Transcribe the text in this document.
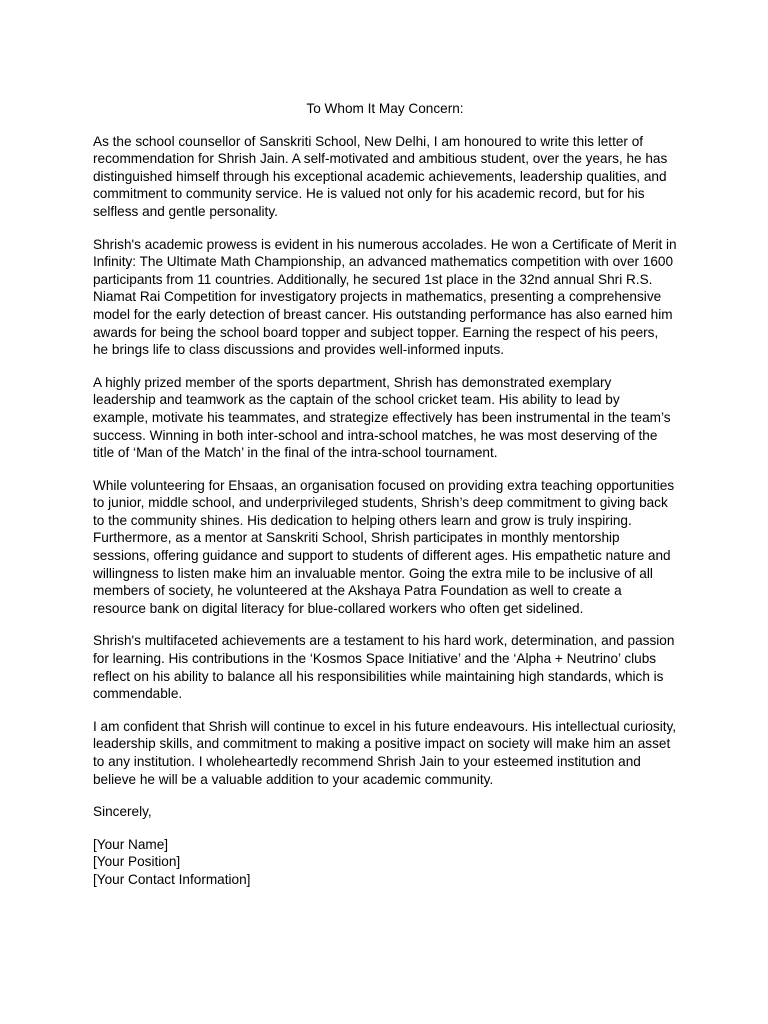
To Whom It May Concern:

As the school counsellor of Sanskriti School, New Delhi, I am honoured to write this letter of recommendation for Shrish Jain. A self-motivated and ambitious student, over the years, he has distinguished himself through his exceptional academic achievements, leadership qualities, and commitment to community service. He is valued not only for his academic record, but for his selfless and gentle personality.

Shrish's academic prowess is evident in his numerous accolades. He won a Certificate of Merit in Infinity: The Ultimate Math Championship, an advanced mathematics competition with over 1600 participants from 11 countries. Additionally, he secured 1st place in the 32nd annual Shri R.S. Niamat Rai Competition for investigatory projects in mathematics, presenting a comprehensive model for the early detection of breast cancer. His outstanding performance has also earned him awards for being the school board topper and subject topper. Earning the respect of his peers, he brings life to class discussions and provides well-informed inputs.

A highly prized member of the sports department, Shrish has demonstrated exemplary leadership and teamwork as the captain of the school cricket team. His ability to lead by example, motivate his teammates, and strategize effectively has been instrumental in the team’s success. Winning in both inter-school and intra-school matches, he was most deserving of the title of ‘Man of the Match’ in the final of the intra-school tournament.

While volunteering for Ehsaas, an organisation focused on providing extra teaching opportunities to junior, middle school, and underprivileged students, Shrish’s deep commitment to giving back to the community shines. His dedication to helping others learn and grow is truly inspiring. Furthermore, as a mentor at Sanskriti School, Shrish participates in monthly mentorship sessions, offering guidance and support to students of different ages. His empathetic nature and willingness to listen make him an invaluable mentor. Going the extra mile to be inclusive of all members of society, he volunteered at the Akshaya Patra Foundation as well to create a resource bank on digital literacy for blue-collared workers who often get sidelined.

Shrish's multifaceted achievements are a testament to his hard work, determination, and passion for learning. His contributions in the ‘Kosmos Space Initiative’ and the ‘Alpha + Neutrino’ clubs reflect on his ability to balance all his responsibilities while maintaining high standards, which is commendable.

I am confident that Shrish will continue to excel in his future endeavours. His intellectual curiosity, leadership skills, and commitment to making a positive impact on society will make him an asset to any institution. I wholeheartedly recommend Shrish Jain to your esteemed institution and believe he will be a valuable addition to your academic community.

Sincerely,

[Your Name]
[Your Position]
[Your Contact Information]
